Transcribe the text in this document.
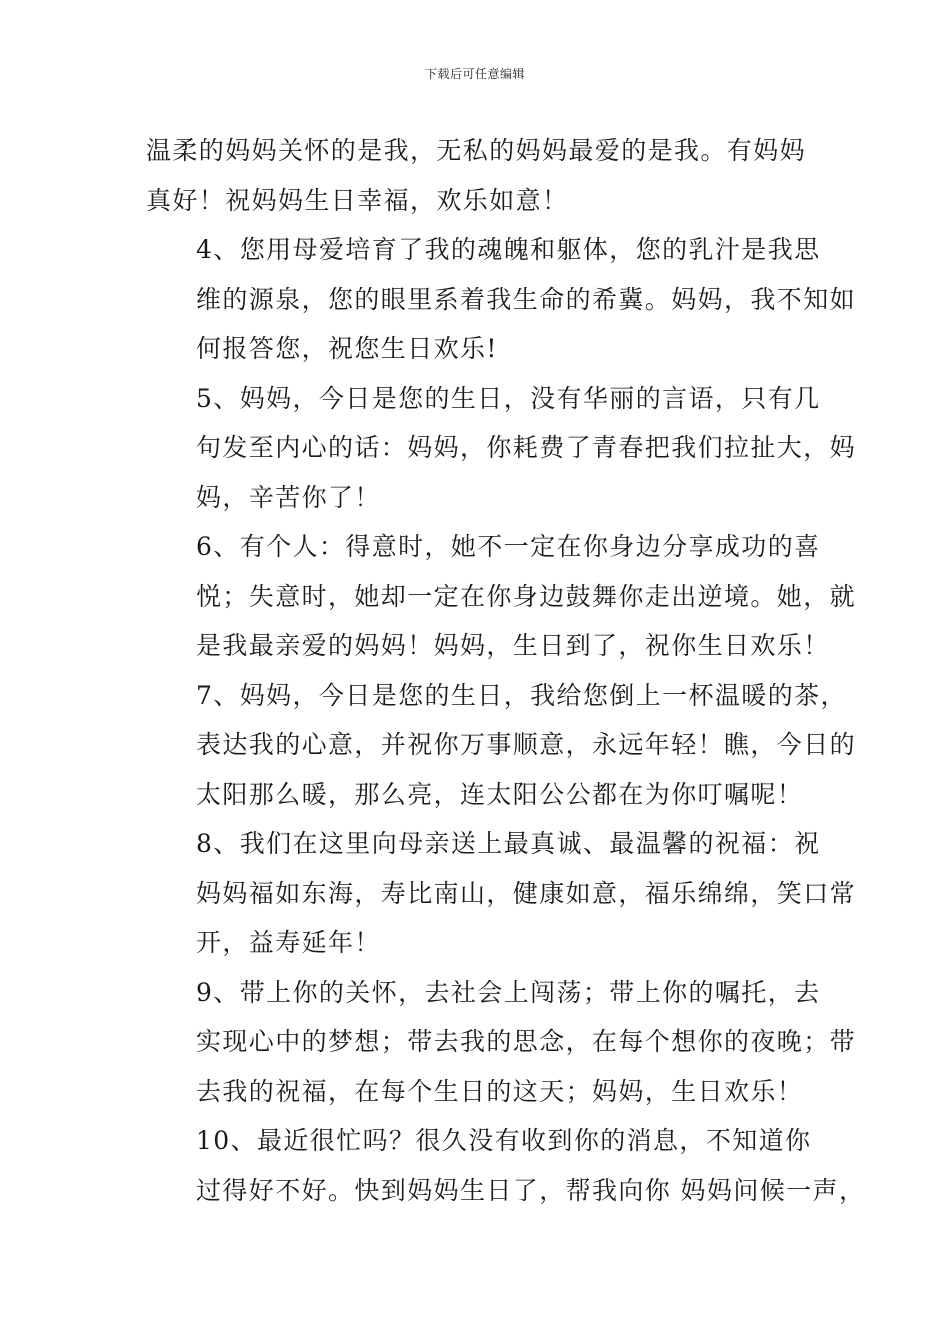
下载后可任意编辑

温柔的妈妈关怀的是我，无私的妈妈最爱的是我。有妈妈
真好！祝妈妈生日幸福，欢乐如意！

4、您用母爱培育了我的魂魄和躯体，您的乳汁是我思
维的源泉，您的眼里系着我生命的希冀。妈妈，我不知如
何报答您，祝您生日欢乐!

5、妈妈，今日是您的生日，没有华丽的言语，只有几
句发至内心的话：妈妈，你耗费了青春把我们拉扯大，妈
妈，辛苦你了！

6、有个人：得意时，她不一定在你身边分享成功的喜
悦；失意时，她却一定在你身边鼓舞你走出逆境。她，就
是我最亲爱的妈妈！妈妈，生日到了，祝你生日欢乐！

7、妈妈，今日是您的生日，我给您倒上一杯温暖的茶，
表达我的心意，并祝你万事顺意，永远年轻！瞧，今日的
太阳那么暖，那么亮，连太阳公公都在为你叮嘱呢！

8、我们在这里向母亲送上最真诚、最温馨的祝福：祝
妈妈福如东海，寿比南山，健康如意，福乐绵绵，笑口常
开，益寿延年！

9、带上你的关怀，去社会上闯荡；带上你的嘱托，去
实现心中的梦想；带去我的思念，在每个想你的夜晚；带
去我的祝福，在每个生日的这天；妈妈，生日欢乐！

10、最近很忙吗？很久没有收到你的消息，不知道你
过得好不好。快到妈妈生日了，帮我向你 妈妈问候一声，
